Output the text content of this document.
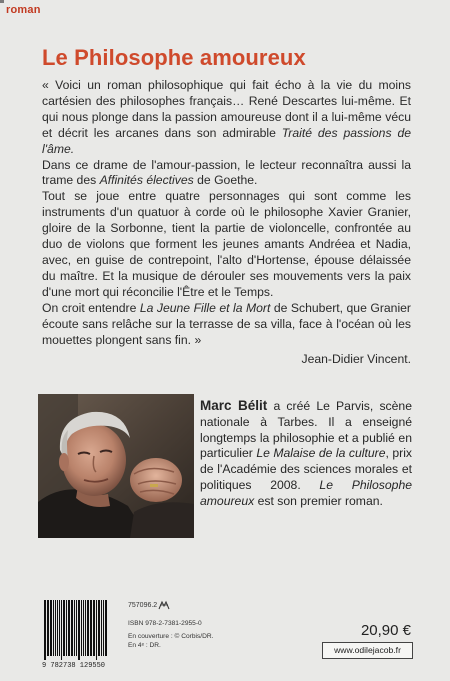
roman
Le Philosophe amoureux

« Voici un roman philosophique qui fait écho à la vie du moins cartésien des philosophes français… René Descartes lui-même. Et qui nous plonge dans la passion amoureuse dont il a lui-même vécu et décrit les arcanes dans son admirable Traité des passions de l'âme.

Dans ce drame de l'amour-passion, le lecteur reconnaîtra aussi la trame des Affinités électives de Goethe.

Tout se joue entre quatre personnages qui sont comme les instruments d'un quatuor à corde où le philosophe Xavier Granier, gloire de la Sorbonne, tient la partie de violoncelle, confrontée au duo de violons que forment les jeunes amants Andréea et Nadia, avec, en guise de contrepoint, l'alto d'Hortense, épouse délaissée du maître. Et la musique de dérouler ses mouvements vers la paix d'une mort qui réconcilie l'Être et le Temps.

On croit entendre La Jeune Fille et la Mort de Schubert, que Granier écoute sans relâche sur la terrasse de sa villa, face à l'océan où les mouettes plongent sans fin. »

Jean-Didier Vincent.
Marc Bélit a créé Le Parvis, scène nationale à Tarbes. Il a enseigné longtemps la philosophie et a publié en particulier Le Malaise de la culture, prix de l'Académie des sciences morales et politiques 2008. Le Philosophe amoureux est son premier roman.
9 782738 129550
757096.2
ISBN 978-2-7381-2955-0
En couverture : © Corbis/DR.
En 4ᵉ : DR.
20,90 €
www.odilejacob.fr
